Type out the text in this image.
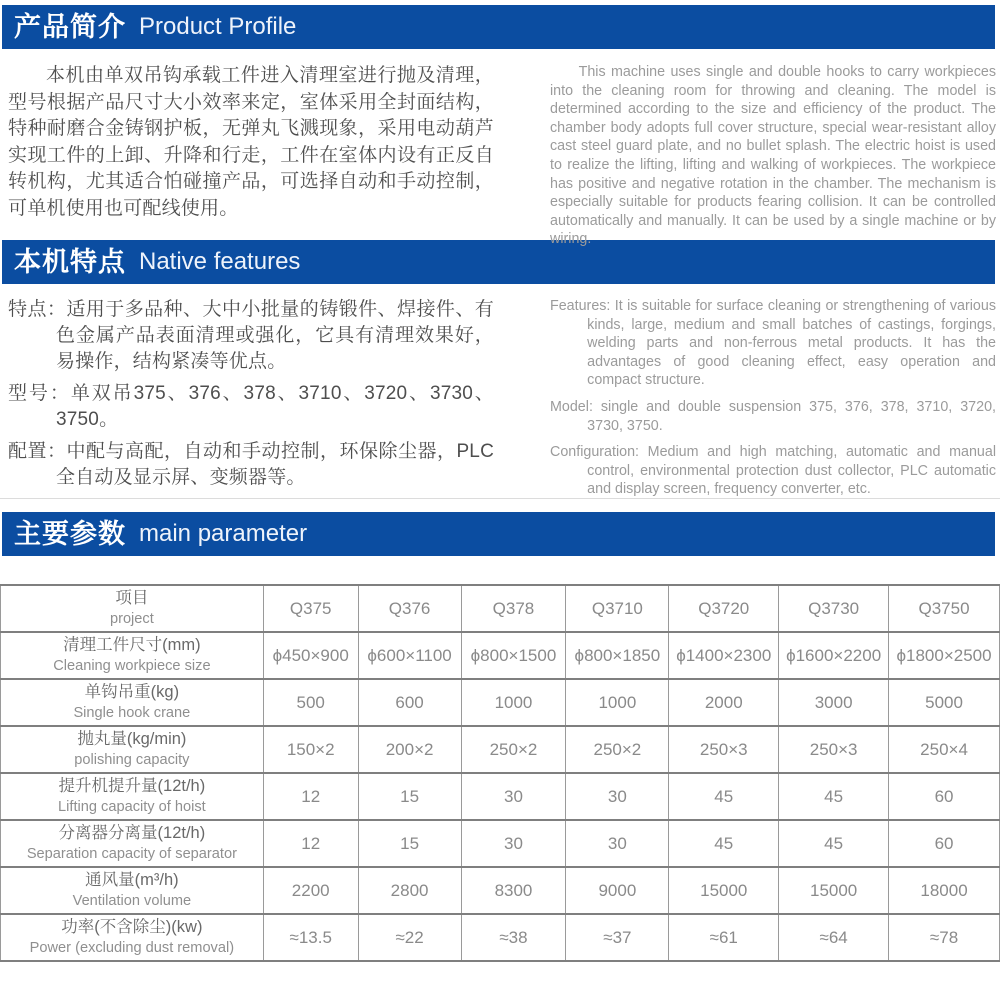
产品简介 Product Profile

本机由单双吊钩承载工件进入清理室进行抛及清理，型号根据产品尺寸大小效率来定，室体采用全封面结构，特种耐磨合金铸钢护板，无弹丸飞溅现象，采用电动葫芦实现工件的上卸、升降和行走，工件在室体内设有正反自转机构，尤其适合怕碰撞产品，可选择自动和手动控制，可单机使用也可配线使用。

This machine uses single and double hooks to carry workpieces into the cleaning room for throwing and cleaning. The model is determined according to the size and efficiency of the product. The chamber body adopts full cover structure, special wear-resistant alloy cast steel guard plate, and no bullet splash. The electric hoist is used to realize the lifting, lifting and walking of workpieces. The workpiece has positive and negative rotation in the chamber. The mechanism is especially suitable for products fearing collision. It can be controlled automatically and manually. It can be used by a single machine or by wiring.

本机特点 Native features

特点：适用于多品种、大中小批量的铸锻件、焊接件、有色金属产品表面清理或强化，它具有清理效果好，易操作，结构紧凑等优点。

型号：单双吊375、376、378、3710、3720、3730、3750。

配置：中配与高配，自动和手动控制，环保除尘器，PLC全自动及显示屏、变频器等。

Features: It is suitable for surface cleaning or strengthening of various kinds, large, medium and small batches of castings, forgings, welding parts and non-ferrous metal products. It has the advantages of good cleaning effect, easy operation and compact structure.

Model: single and double suspension 375, 376, 378, 3710, 3720, 3730, 3750.

Configuration: Medium and high matching, automatic and manual control, environmental protection dust collector, PLC automatic and display screen, frequency converter, etc.

主要参数 main parameter
项目
project	Q375	Q376	Q378	Q3710	Q3720	Q3730	Q3750

清理工件尺寸(mm)
Cleaning workpiece size	ϕ450×900	ϕ600×1100	ϕ800×1500	ϕ800×1850	ϕ1400×2300	ϕ1600×2200	ϕ1800×2500

单钩吊重(kg)
Single hook crane	500	600	1000	1000	2000	3000	5000

抛丸量(kg/min)
polishing capacity	150×2	200×2	250×2	250×2	250×3	250×3	250×4

提升机提升量(12t/h)
Lifting capacity of hoist	12	15	30	30	45	45	60

分离器分离量(12t/h)
Separation capacity of separator	12	15	30	30	45	45	60

通风量(m³/h)
Ventilation volume	2200	2800	8300	9000	15000	15000	18000

功率(不含除尘)(kw)
Power (excluding dust removal)	≈13.5	≈22	≈38	≈37	≈61	≈64	≈78
